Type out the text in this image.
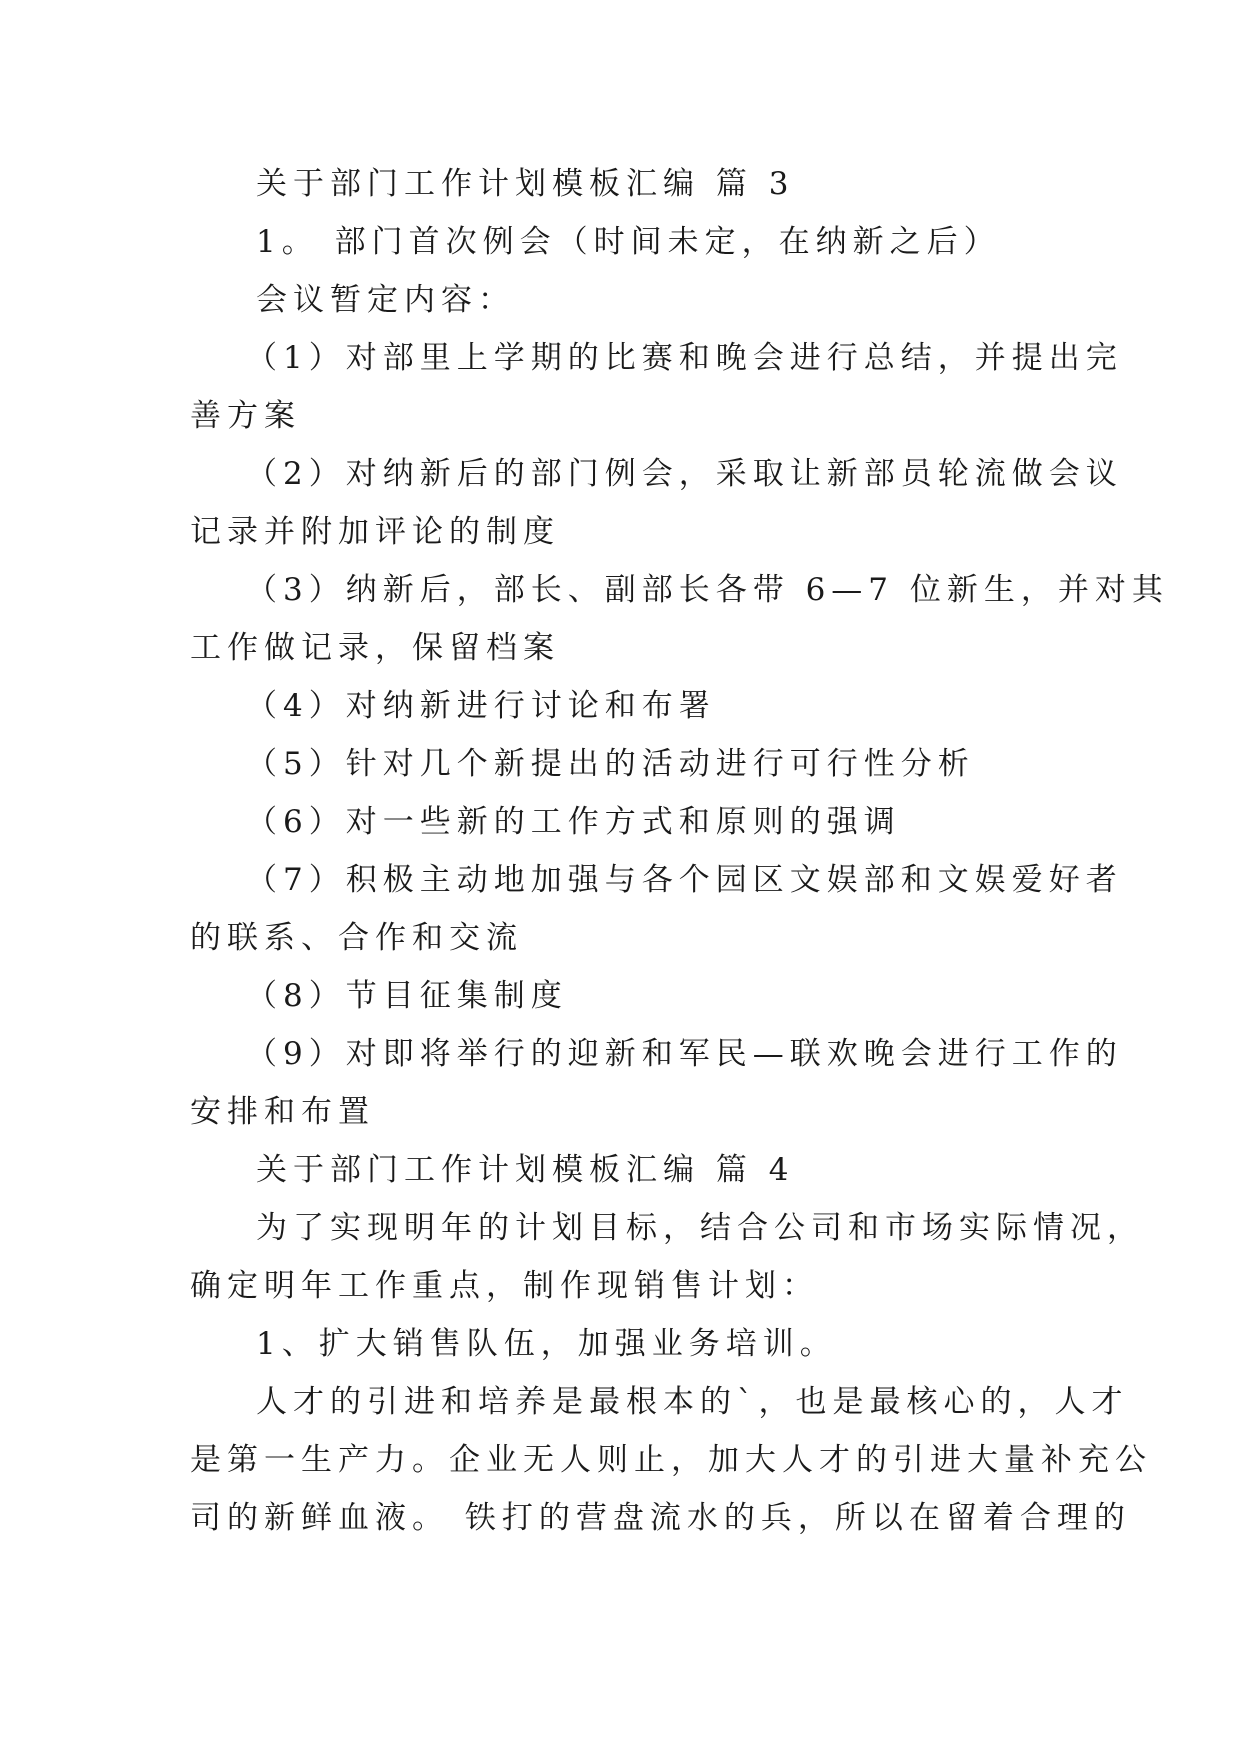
关于部门工作计划模板汇编 篇 3
1。 部门首次例会（时间未定，在纳新之后）
会议暂定内容：
（1）对部里上学期的比赛和晚会进行总结，并提出完
善方案
（2）对纳新后的部门例会，采取让新部员轮流做会议
记录并附加评论的制度
（3）纳新后，部长、副部长各带 6—7 位新生，并对其
工作做记录，保留档案
（4）对纳新进行讨论和布署
（5）针对几个新提出的活动进行可行性分析
（6）对一些新的工作方式和原则的强调
（7）积极主动地加强与各个园区文娱部和文娱爱好者
的联系、合作和交流
（8）节目征集制度
（9）对即将举行的迎新和军民—联欢晚会进行工作的
安排和布置
关于部门工作计划模板汇编 篇 4
为了实现明年的计划目标，结合公司和市场实际情况，
确定明年工作重点，制作现销售计划：
1、扩大销售队伍，加强业务培训。
人才的引进和培养是最根本的`，也是最核心的，人才
是第一生产力。企业无人则止，加大人才的引进大量补充公
司的新鲜血液。 铁打的营盘流水的兵，所以在留着合理的
